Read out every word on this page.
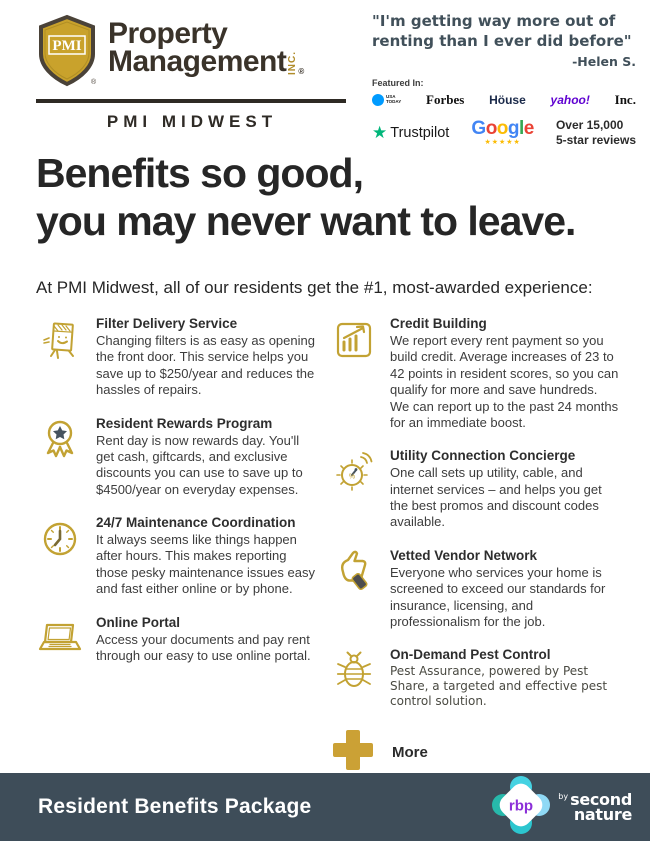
PMI
®
Property
Management INC. ®
PMI MIDWEST
"I'm getting way more out of
renting than I ever did before"
-Helen S.
Featured In:
USA
TODAY Forbes Höuse yahoo! Inc.
★ Trustpilot Google
★★★★★
Over 15,000
5-star reviews
Benefits so good,
you may never want to leave.
At PMI Midwest, all of our residents get the #1, most-awarded experience:
Filter Delivery Service
Changing filters is as easy as opening the front door. This service helps you save up to $250/year and reduces the hassles of repairs.
Resident Rewards Program
Rent day is now rewards day. You'll get cash, giftcards, and exclusive discounts you can use to save up to $4500/year on everyday expenses.
24/7 Maintenance Coordination
It always seems like things happen after hours. This makes reporting those pesky maintenance issues easy and fast either online or by phone.
Online Portal
Access your documents and pay rent through our easy to use online portal.
Credit Building
We report every rent payment so you build credit. Average increases of 23 to 42 points in resident scores, so you can qualify for more and save hundreds. We can report up to the past 24 months for an immediate boost.
%
Utility Connection Concierge
One call sets up utility, cable, and internet services – and helps you get the best promos and discount codes available.
Vetted Vendor Network
Everyone who services your home is screened to exceed our standards for insurance, licensing, and professionalism for the job.
On-Demand Pest Control
Pest Assurance, powered by Pest Share, a targeted and effective pest control solution.
More
Resident Benefits Package	rbp
by second
nature
